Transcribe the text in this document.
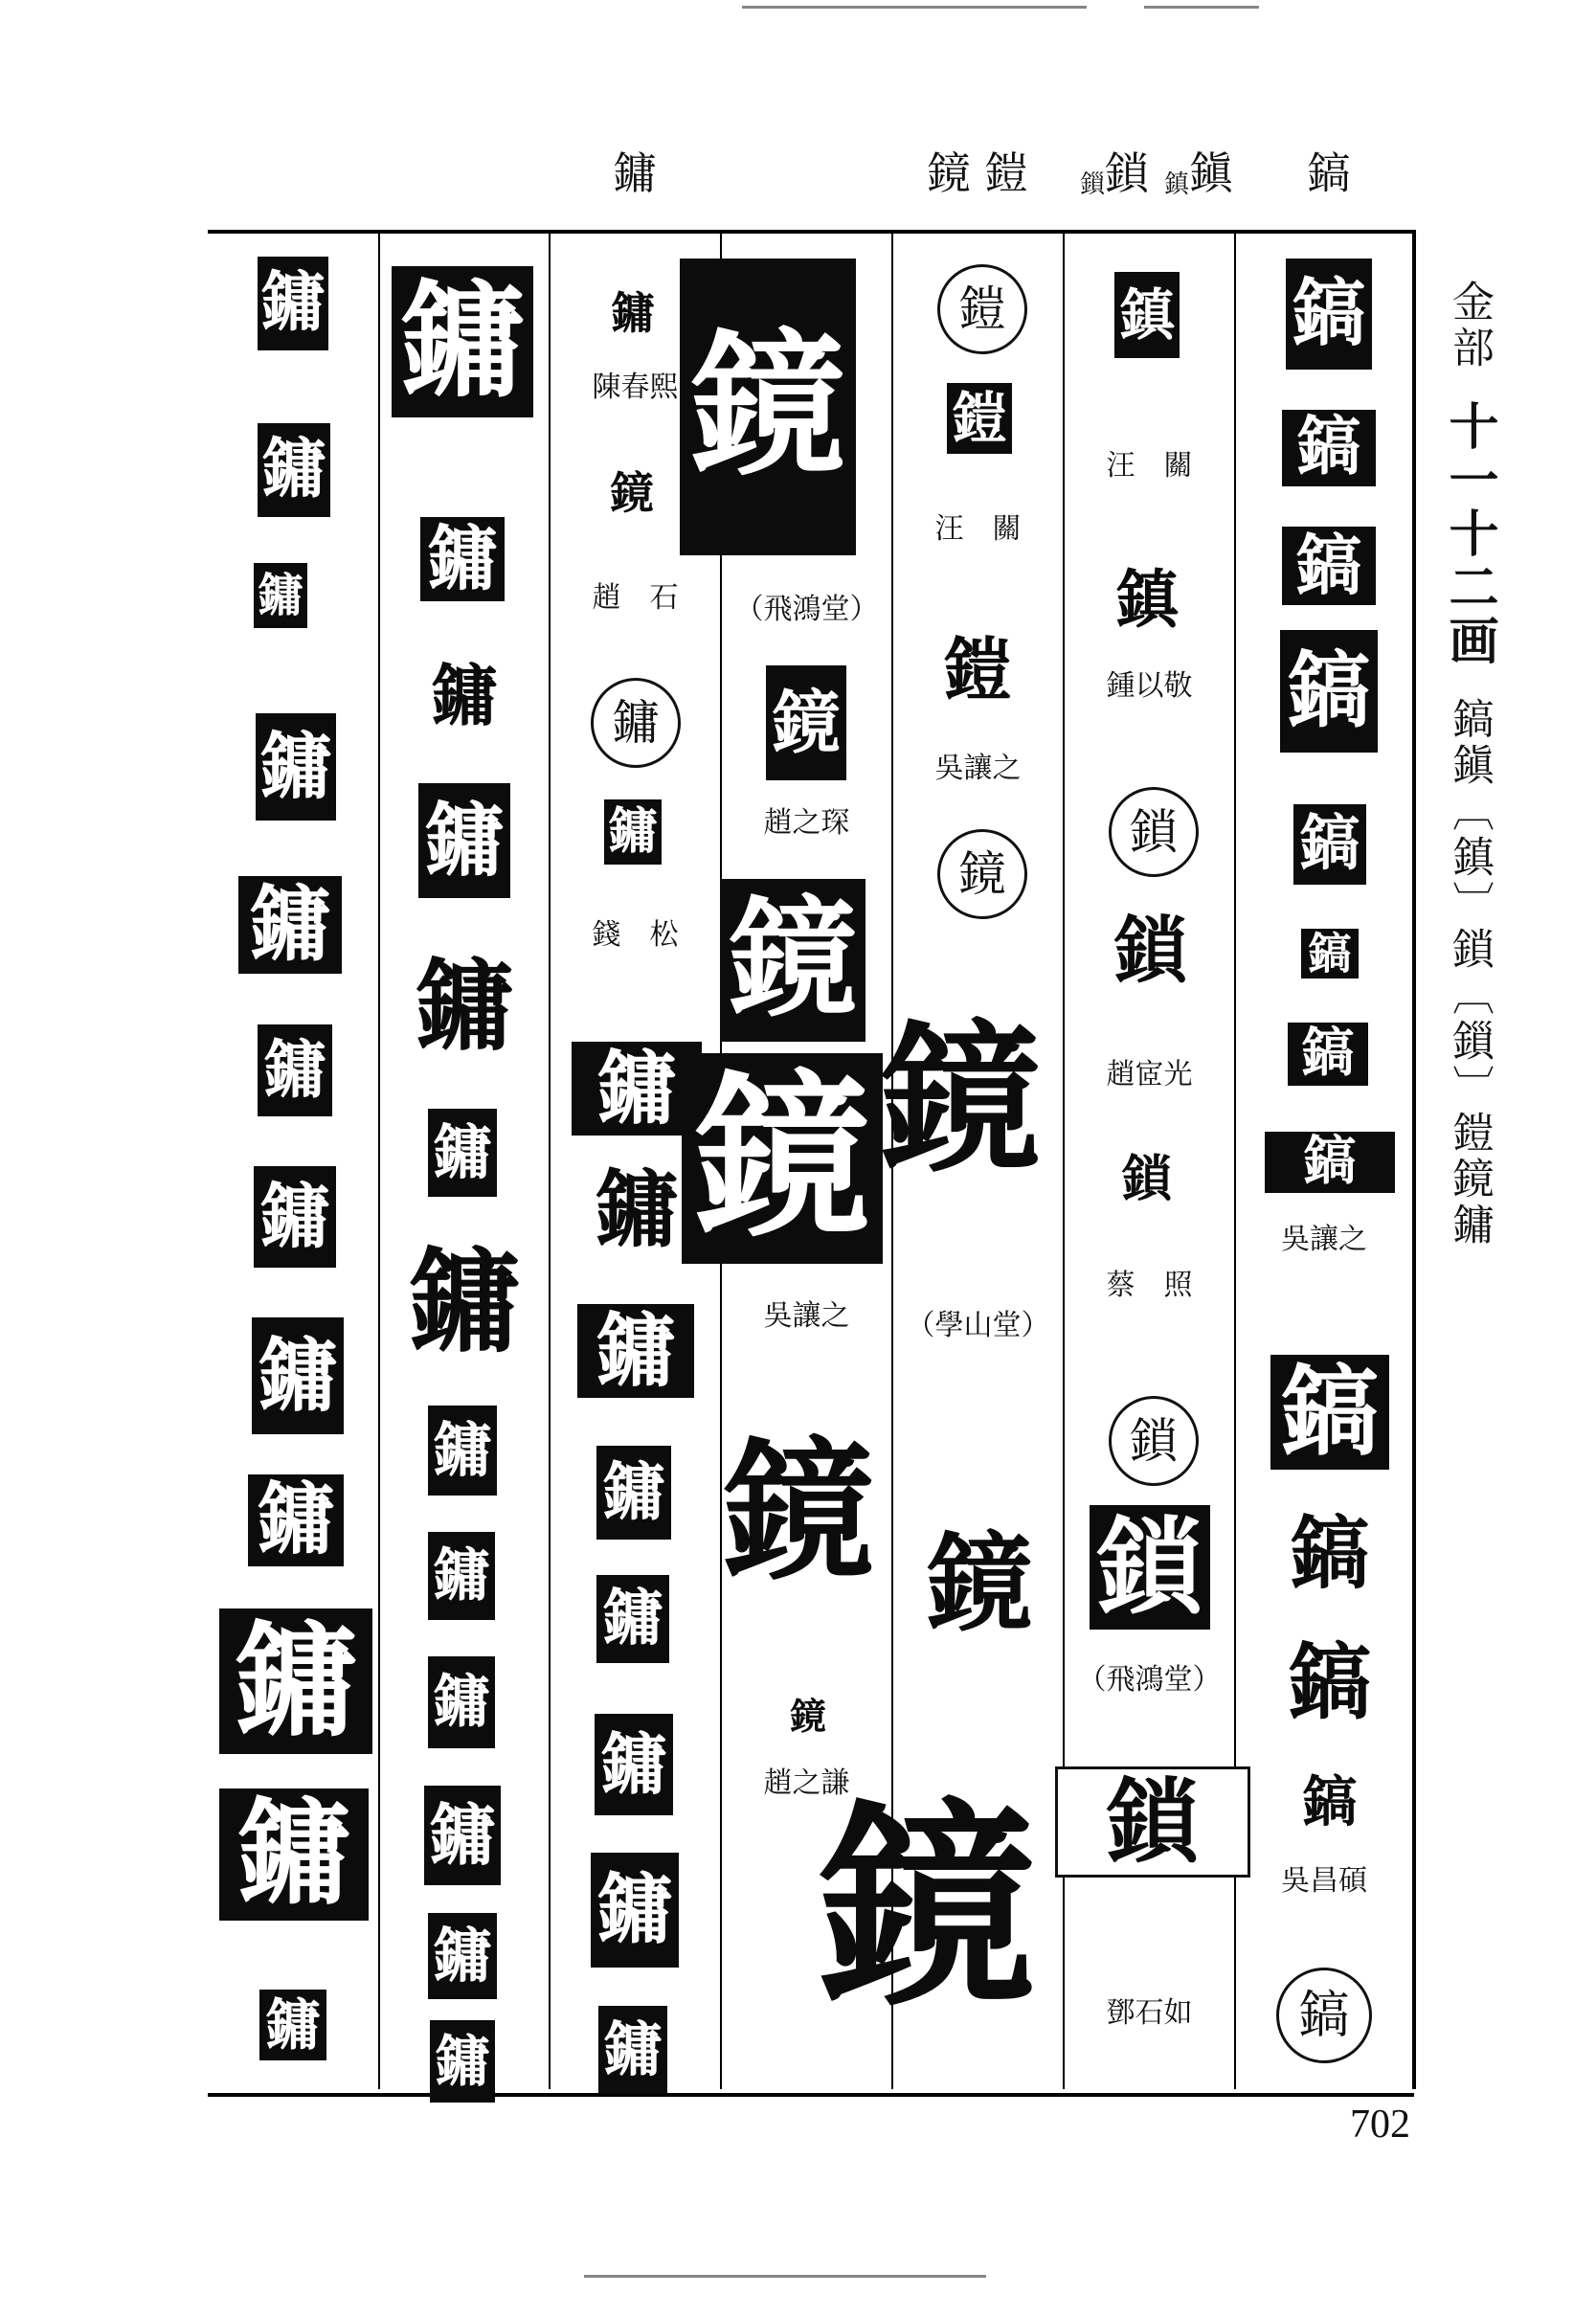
鏞	鏡 鎧 鎻鎖 鎮鎭 鎬
鏞
鏞
鏞
鏞
鏞
鏞
鏞
鏞
鏞
鏞
鏞
鏞
鏞
鏞
鏞
鏞
鏞
鏞
鏞
鏞
鏞
鏞
鏞
鏞
鏞
鏞
陳春熙
鏡
趙　石
鏞
鏞
錢　松
鏞
鏞
鏞
鏞
鏞
鏞
鏞
鏞
鏡
（飛鴻堂）
鏡
趙之琛
鏡
鏡
吳讓之
鏡
鏡
趙之謙
鎧
鎧
汪　關
鎧
吳讓之
鏡
鏡
（學山堂）
鏡
鏡
鎮
汪　關
鎮
鍾以敬
鎖
鎖
趙宧光
鎖
蔡　照
鎖
鎖
（飛鴻堂）
鎖
鄧石如
鎬
鎬
鎬
鎬
鎬
鎬
鎬
鎬
吳讓之
鎬
鎬
鎬
鎬
吳昌碩
鎬
金部十一十二画鎬鎭〔鎮〕鎖〔鎻〕鎧鏡鏞
702
